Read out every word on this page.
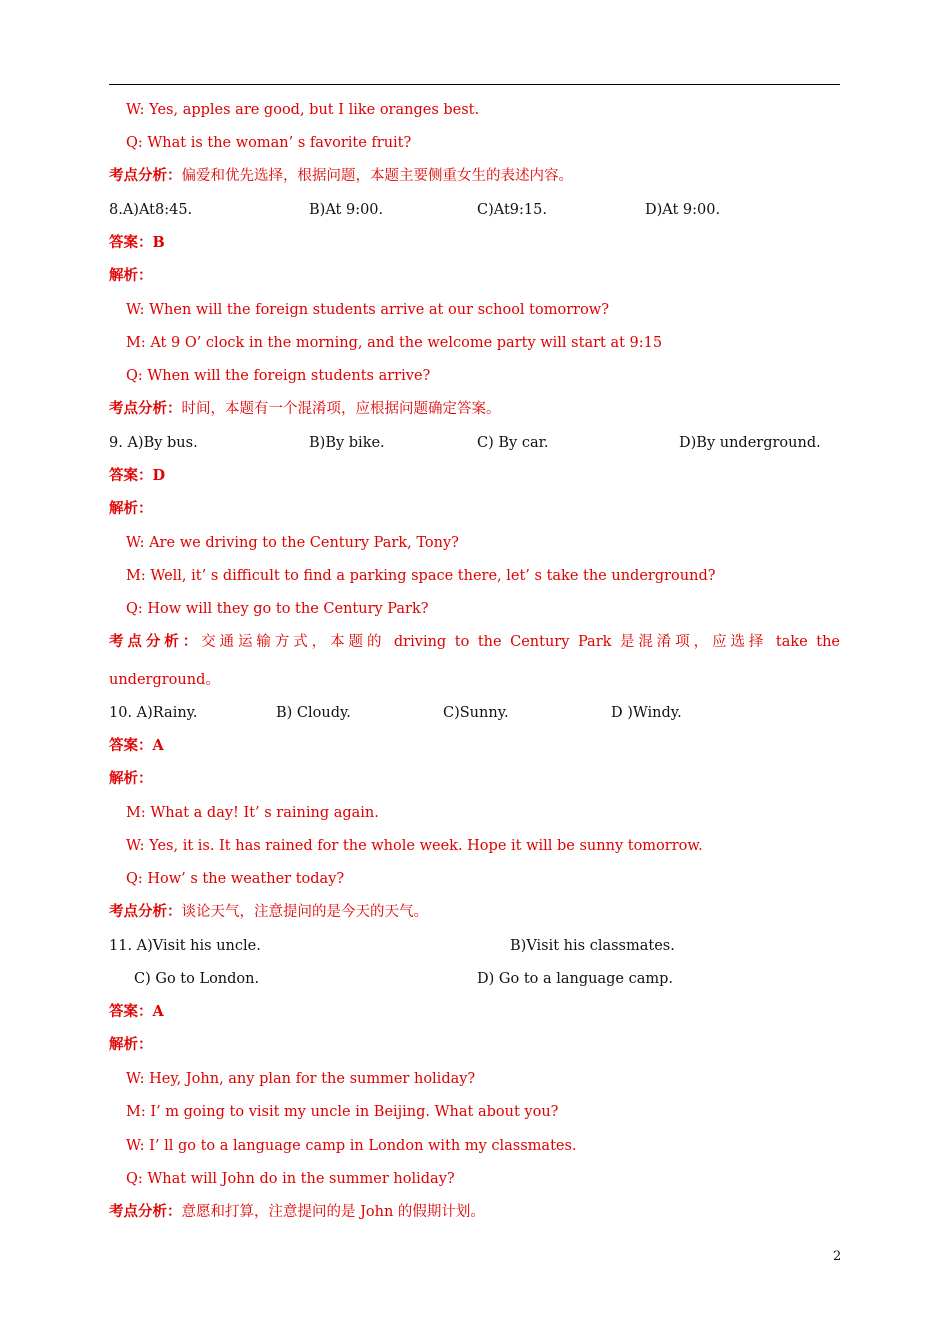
W: Yes, apples are good, but I like oranges best.
Q: What is the woman’ s favorite fruit?
考点分析：偏爱和优先选择，根据问题，本题主要侧重女生的表述内容。
8.A)At8:45.	B)At 9:00.	C)At9:15.	D)At 9:00.
答案：B
解析：
W: When will the foreign students arrive at our school tomorrow?
M: At 9 O’ clock in the morning, and the welcome party will start at 9:15
Q: When will the foreign students arrive?
考点分析：时间，本题有一个混淆项，应根据问题确定答案。
9. A)By bus.	B)By bike.	C) By car.	D)By underground.
答案：D
解析：
W: Are we driving to the Century Park, Tony?
M: Well, it’ s difficult to find a parking space there, let’ s take the underground?
Q: How will they go to the Century Park?
考点分析：交通运输方式，本题的 driving to the Century Park 是混淆项，应选择 take the
underground。
10. A)Rainy.	B) Cloudy.	C)Sunny.	D )Windy.
答案：A
解析：
M: What a day! It’ s raining again.
W: Yes, it is. It has rained for the whole week. Hope it will be sunny tomorrow.
Q: How’ s the weather today?
考点分析：谈论天气，注意提问的是今天的天气。
11. A)Visit his uncle.	B)Visit his classmates.
C) Go to London.	D) Go to a language camp.
答案：A
解析：
W: Hey, John, any plan for the summer holiday?
M: I’ m going to visit my uncle in Beijing. What about you?
W: I’ ll go to a language camp in London with my classmates.
Q: What will John do in the summer holiday?
考点分析：意愿和打算，注意提问的是 John 的假期计划。
2
